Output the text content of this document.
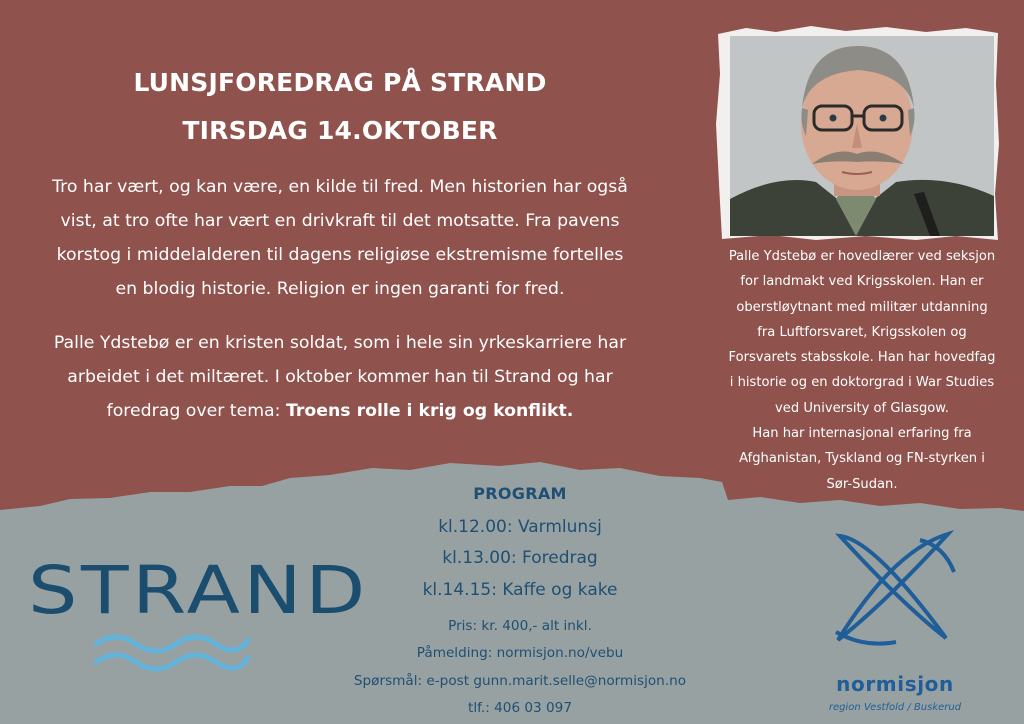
LUNSJFOREDRAG PÅ STRAND
TIRSDAG 14.OKTOBER
Tro har vært, og kan være, en kilde til fred. Men historien har også
vist, at tro ofte har vært en drivkraft til det motsatte. Fra pavens
korstog i middelalderen til dagens religiøse ekstremisme fortelles
en blodig historie. Religion er ingen garanti for fred.
Palle Ydstebø er en kristen soldat, som i hele sin yrkeskarriere har
arbeidet i det miltæret. I oktober kommer han til Strand og har
foredrag over tema: Troens rolle i krig og konflikt.
Palle Ydstebø er hovedlærer ved seksjon
for landmakt ved Krigsskolen. Han er
oberstløytnant med militær utdanning
fra Luftforsvaret, Krigsskolen og
Forsvarets stabsskole. Han har hovedfag
i historie og en doktorgrad i War Studies
ved University of Glasgow.
Han har internasjonal erfaring fra
Afghanistan, Tyskland og FN-styrken i
Sør-Sudan.
PROGRAM
kl.12.00: Varmlunsj
kl.13.00: Foredrag
kl.14.15: Kaffe og kake
Pris: kr. 400,- alt inkl.
Påmelding: normisjon.no/vebu
Spørsmål: e-post gunn.marit.selle@normisjon.no
tlf.: 406 03 097
STRAND
normisjon
region Vestfold / Buskerud
